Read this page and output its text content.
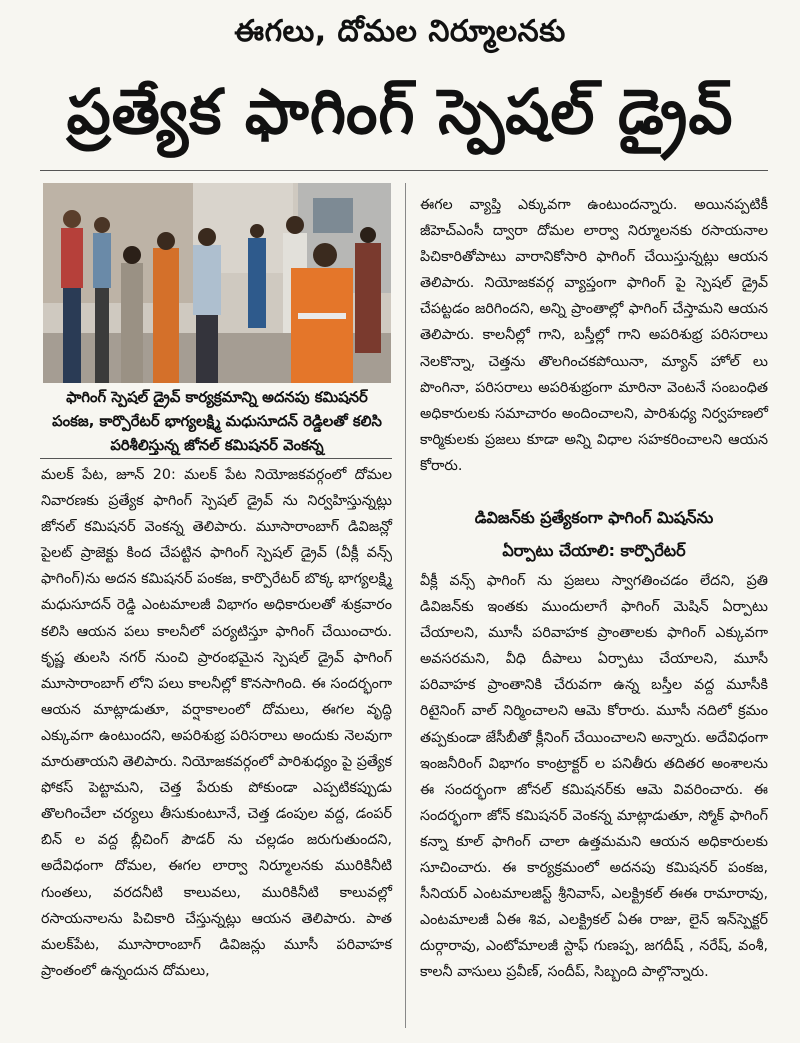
ఈగలు, దోమల నిర్మూలనకు
ప్రత్యేక ఫాగింగ్ స్పెషల్ డ్రైవ్
ఫాగింగ్ స్పెషల్ డ్రైవ్ కార్యక్రమాన్ని అదనపు కమిషనర్ పంకజ, కార్పొరేటర్ భాగ్యలక్ష్మి మధుసూదన్ రెడ్డిలతో కలిసి పరిశీలిస్తున్న జోనల్ కమిషనర్ వెంకన్న

మలక్ పేట, జూన్ 20: మలక్ పేట నియోజకవర్గంలో దోమల నివారణకు ప్రత్యేక ఫాగింగ్ స్పెషల్ డ్రైవ్ ను నిర్వహిస్తున్నట్లు జోనల్ కమిషనర్ వెంకన్న తెలిపారు. మూసారాంబాగ్ డివిజన్లో పైలట్ ప్రాజెక్టు కింద చేపట్టిన ఫాగింగ్ స్పెషల్ డ్రైవ్ (వీక్లీ వన్స్ ఫాగింగ్)ను అదన కమిషనర్ పంకజ, కార్పొరేటర్ బొక్క భాగ్యలక్ష్మి మధుసూదన్ రెడ్డి ఎంటమాలజీ విభాగం అధికారులతో శుక్రవారం కలిసి ఆయన పలు కాలనీలో పర్యటిస్తూ ఫాగింగ్ చేయించారు. కృష్ణ తులసి నగర్ నుంచి ప్రారంభమైన స్పెషల్ డ్రైవ్ ఫాగింగ్ మూసారాంబాగ్ లోని పలు కాలనీల్లో కొనసాగింది. ఈ సందర్భంగా ఆయన మాట్లాడుతూ, వర్షాకాలంలో దోమలు, ఈగల వృద్ధి ఎక్కువగా ఉంటుందని, అపరిశుభ్ర పరిసరాలు అందుకు నెలవుగా మారుతాయని తెలిపారు. నియోజకవర్గంలో పారిశుధ్యం పై ప్రత్యేక ఫోకస్ పెట్టామని, చెత్త పేరుకు పోకుండా ఎప్పటికప్పుడు తొలగించేలా చర్యలు తీసుకుంటూనే, చెత్త డంపుల వద్ద, డంపర్ బిన్ ల వద్ద బ్లీచింగ్ పౌడర్ ను చల్లడం జరుగుతుందని, అదేవిధంగా దోమల, ఈగల లార్వా నిర్మూలనకు మురికినీటి గుంతలు, వరదనీటి కాలువలు, మురికినీటి కాలువల్లో రసాయనాలను పిచికారి చేస్తున్నట్లు ఆయన తెలిపారు. పాత మలక్‌పేట, మూసారాంబాగ్ డివిజన్లు మూసీ పరివాహక ప్రాంతంలో ఉన్నందున దోమలు,

ఈగల వ్యాప్తి ఎక్కువగా ఉంటుందన్నారు. అయినప్పటికీ జీహెచ్ఎంసీ ద్వారా దోమల లార్వా నిర్మూలనకు రసాయనాల పిచికారితోపాటు వారానికోసారి ఫాగింగ్ చేయిస్తున్నట్లు ఆయన తెలిపారు. నియోజకవర్గ వ్యాప్తంగా ఫాగింగ్ పై స్పెషల్ డ్రైవ్ చేపట్టడం జరిగిందని, అన్ని ప్రాంతాల్లో ఫాగింగ్ చేస్తామని ఆయన తెలిపారు. కాలనీల్లో గాని, బస్తీల్లో గాని అపరిశుభ్ర పరిసరాలు నెలకొన్నా, చెత్తను తొలగించకపోయినా, మ్యాన్ హోల్ లు పొంగినా, పరిసరాలు అపరిశుభ్రంగా మారినా వెంటనే సంబంధిత అధికారులకు సమాచారం అందించాలని, పారిశుధ్య నిర్వహణలో కార్మికులకు ప్రజలు కూడా అన్ని విధాల సహకరించాలని ఆయన కోరారు.

డివిజన్‌కు ప్రత్యేకంగా ఫాగింగ్ మిషన్‌ను
ఏర్పాటు చేయాలి: కార్పొరేటర్

వీక్లీ వన్స్ ఫాగింగ్ ను ప్రజలు స్వాగతించడం లేదని, ప్రతి డివిజన్‌కు ఇంతకు ముందులాగే ఫాగింగ్ మెషిన్ ఏర్పాటు చేయాలని, మూసీ పరివాహక ప్రాంతాలకు ఫాగింగ్ ఎక్కువగా అవసరమని, వీధి దీపాలు ఏర్పాటు చేయాలని, మూసీ పరివాహక ప్రాంతానికి చేరువగా ఉన్న బస్తీల వద్ద మూసీకి రిటైనింగ్ వాల్ నిర్మించాలని ఆమె కోరారు. మూసీ నదిలో క్రమం తప్పకుండా జేసీబీతో క్లీనింగ్ చేయించాలని అన్నారు. అదేవిధంగా ఇంజనీరింగ్ విభాగం కాంట్రాక్టర్ ల పనితీరు తదితర అంశాలను ఈ సందర్భంగా జోనల్ కమిషనర్‌కు ఆమె వివరించారు. ఈ సందర్భంగా జోన్ కమిషనర్ వెంకన్న మాట్లాడుతూ, స్మోక్ ఫాగింగ్ కన్నా కూల్ ఫాగింగ్ చాలా ఉత్తమమని ఆయన అధికారులకు సూచించారు. ఈ కార్యక్రమంలో అదనపు కమిషనర్ పంకజ, సీనియర్ ఎంటమాలజిస్ట్ శ్రీనివాస్, ఎలక్ట్రికల్ ఈఈ రామారావు, ఎంటమాలజీ ఏఈ శివ, ఎలక్ట్రికల్ ఏఈ రాజు, లైన్ ఇన్‌స్పెక్టర్ దుర్గారావు, ఎంటోమాలజీ స్టాఫ్ గుణప్ప, జగదీష్ , నరేష్, వంశీ, కాలనీ వాసులు ప్రవీణ్, సందీప్, సిబ్బంది పాల్గొన్నారు.
